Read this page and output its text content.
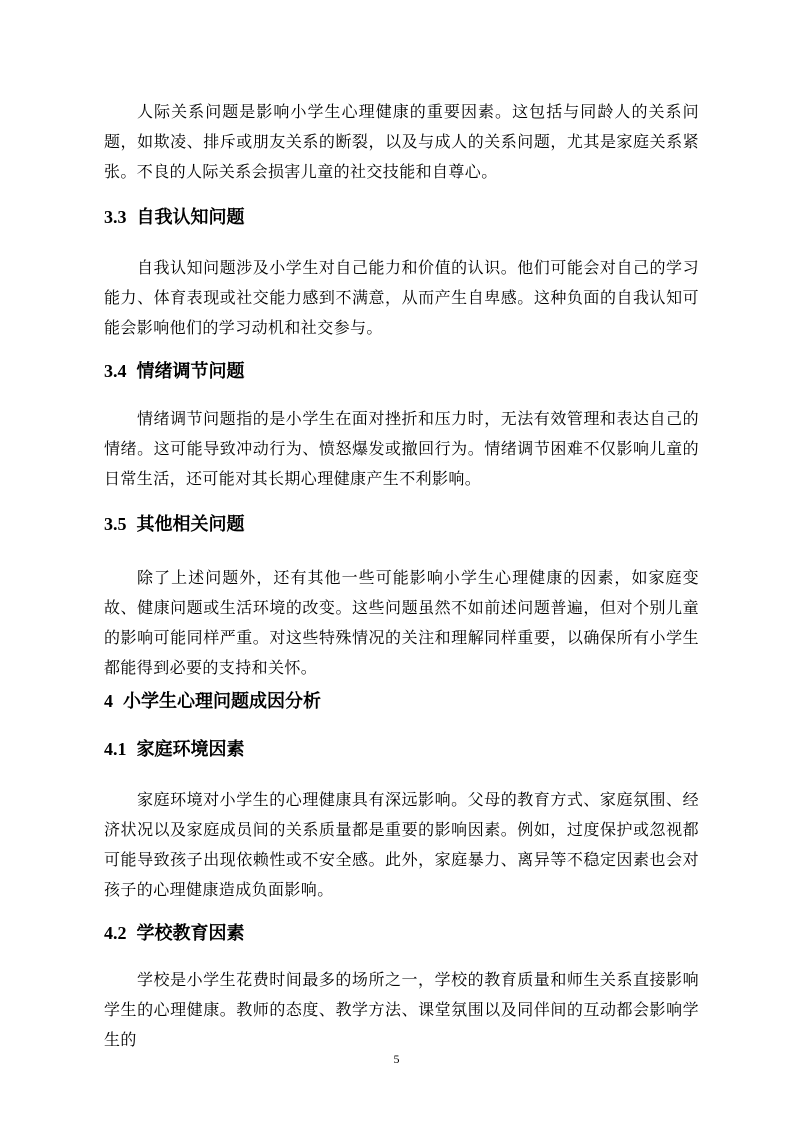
人际关系问题是影响小学生心理健康的重要因素。这包括与同龄人的关系问题，如欺凌、排斥或朋友关系的断裂，以及与成人的关系问题，尤其是家庭关系紧张。不良的人际关系会损害儿童的社交技能和自尊心。

3.3 自我认知问题

自我认知问题涉及小学生对自己能力和价值的认识。他们可能会对自己的学习能力、体育表现或社交能力感到不满意，从而产生自卑感。这种负面的自我认知可能会影响他们的学习动机和社交参与。

3.4 情绪调节问题

情绪调节问题指的是小学生在面对挫折和压力时，无法有效管理和表达自己的情绪。这可能导致冲动行为、愤怒爆发或撤回行为。情绪调节困难不仅影响儿童的日常生活，还可能对其长期心理健康产生不利影响。

3.5 其他相关问题

除了上述问题外，还有其他一些可能影响小学生心理健康的因素，如家庭变故、健康问题或生活环境的改变。这些问题虽然不如前述问题普遍，但对个别儿童的影响可能同样严重。对这些特殊情况的关注和理解同样重要，以确保所有小学生都能得到必要的支持和关怀。

4 小学生心理问题成因分析
4.1 家庭环境因素

家庭环境对小学生的心理健康具有深远影响。父母的教育方式、家庭氛围、经济状况以及家庭成员间的关系质量都是重要的影响因素。例如，过度保护或忽视都可能导致孩子出现依赖性或不安全感。此外，家庭暴力、离异等不稳定因素也会对孩子的心理健康造成负面影响。

4.2 学校教育因素

学校是小学生花费时间最多的场所之一，学校的教育质量和师生关系直接影响学生的心理健康。教师的态度、教学方法、课堂氛围以及同伴间的互动都会影响学生的

5
